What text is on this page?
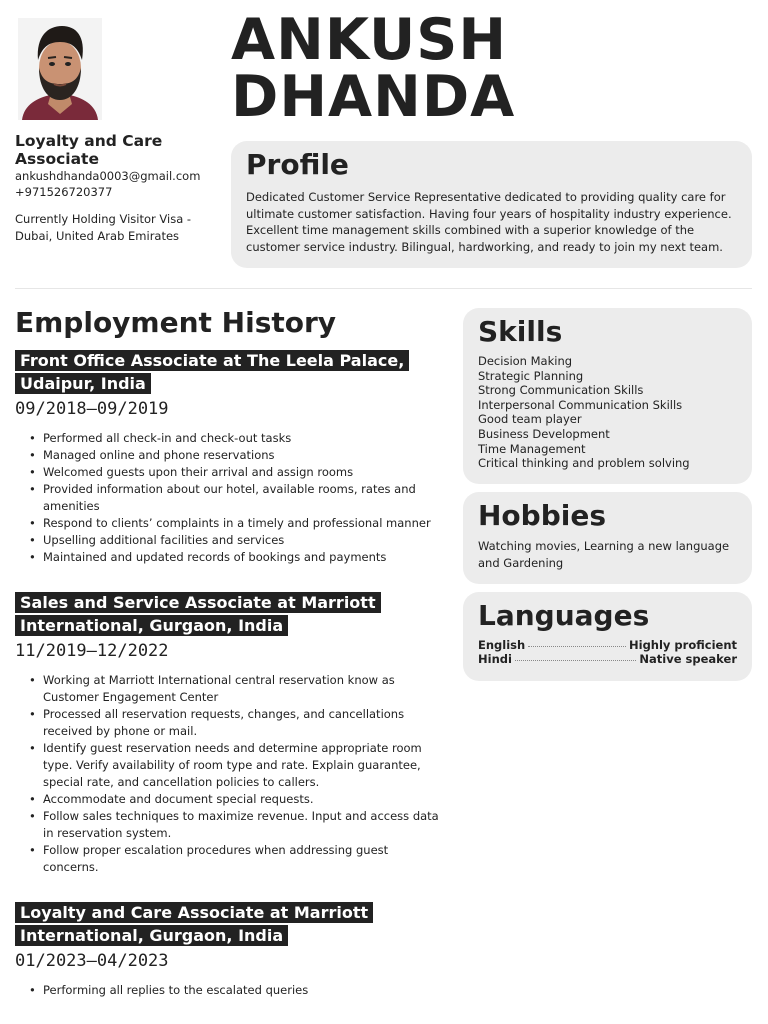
ANKUSH
DHANDA
Loyalty and Care Associate
ankushdhanda0003@gmail.com
+971526720377
Currently Holding Visitor Visa - Dubai, United Arab Emirates
Profile

Dedicated Customer Service Representative dedicated to providing quality care for ultimate customer satisfaction. Having four years of hospitality industry experience. Excellent time management skills combined with a superior knowledge of the customer service industry. Bilingual, hardworking, and ready to join my next team.

Employment History
Front Office Associate at The Leela Palace, Udaipur, India
09/2018—09/2019
• Performed all check-in and check-out tasks
• Managed online and phone reservations
• Welcomed guests upon their arrival and assign rooms
• Provided information about our hotel, available rooms, rates and amenities
• Respond to clients’ complaints in a timely and professional manner
• Upselling additional facilities and services
• Maintained and updated records of bookings and payments
Sales and Service Associate at Marriott International, Gurgaon, India
11/2019—12/2022
• Working at Marriott International central reservation know as Customer Engagement Center
• Processed all reservation requests, changes, and cancellations received by phone or mail.
• Identify guest reservation needs and determine appropriate room type. Verify availability of room type and rate. Explain guarantee, special rate, and cancellation policies to callers.
• Accommodate and document special requests.
• Follow sales techniques to maximize revenue. Input and access data in reservation system.
• Follow proper escalation procedures when addressing guest concerns.
Loyalty and Care Associate at Marriott International, Gurgaon, India
01/2023—04/2023
• Performing all replies to the escalated queries
Skills
Decision Making
Strategic Planning
Strong Communication Skills
Interpersonal Communication Skills
Good team player
Business Development
Time Management
Critical thinking and problem solving
Hobbies

Watching movies, Learning a new language and Gardening

Languages
English	Highly proficient
Hindi	Native speaker
